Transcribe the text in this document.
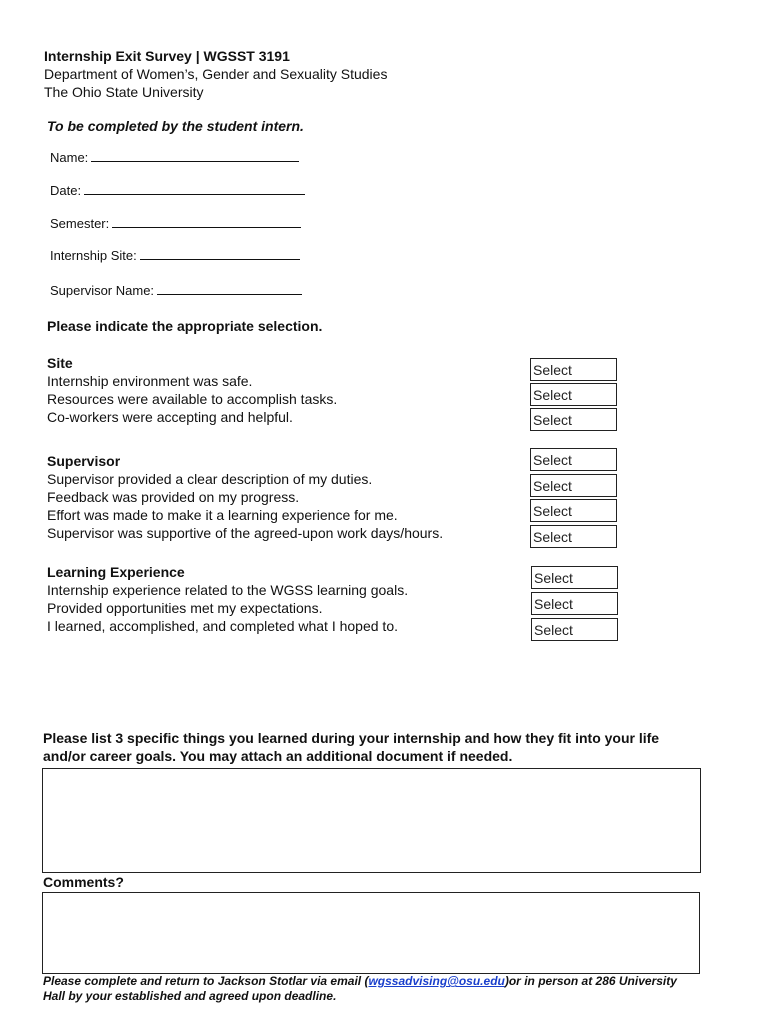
Internship Exit Survey | WGSST 3191
Department of Women’s, Gender and Sexuality Studies
The Ohio State University
To be completed by the student intern.
Name:
Date:
Semester:
Internship Site:
Supervisor Name:
Please indicate the appropriate selection.
Site
Internship environment was safe.
Resources were available to accomplish tasks.
Co-workers were accepting and helpful.
Select
Select
Select
Supervisor
Supervisor provided a clear description of my duties.
Feedback was provided on my progress.
Effort was made to make it a learning experience for me.
Supervisor was supportive of the agreed-upon work days/hours.
Select
Select
Select
Select
Learning Experience
Internship experience related to the WGSS learning goals.
Provided opportunities met my expectations.
I learned, accomplished, and completed what I hoped to.
Select
Select
Select
Please list 3 specific things you learned during your internship and how they fit into your life and/or career goals. You may attach an additional document if needed.
Comments?
Please complete and return to Jackson Stotlar via email (wgssadvising@osu.edu)or in person at 286 University Hall by your established and agreed upon deadline.
